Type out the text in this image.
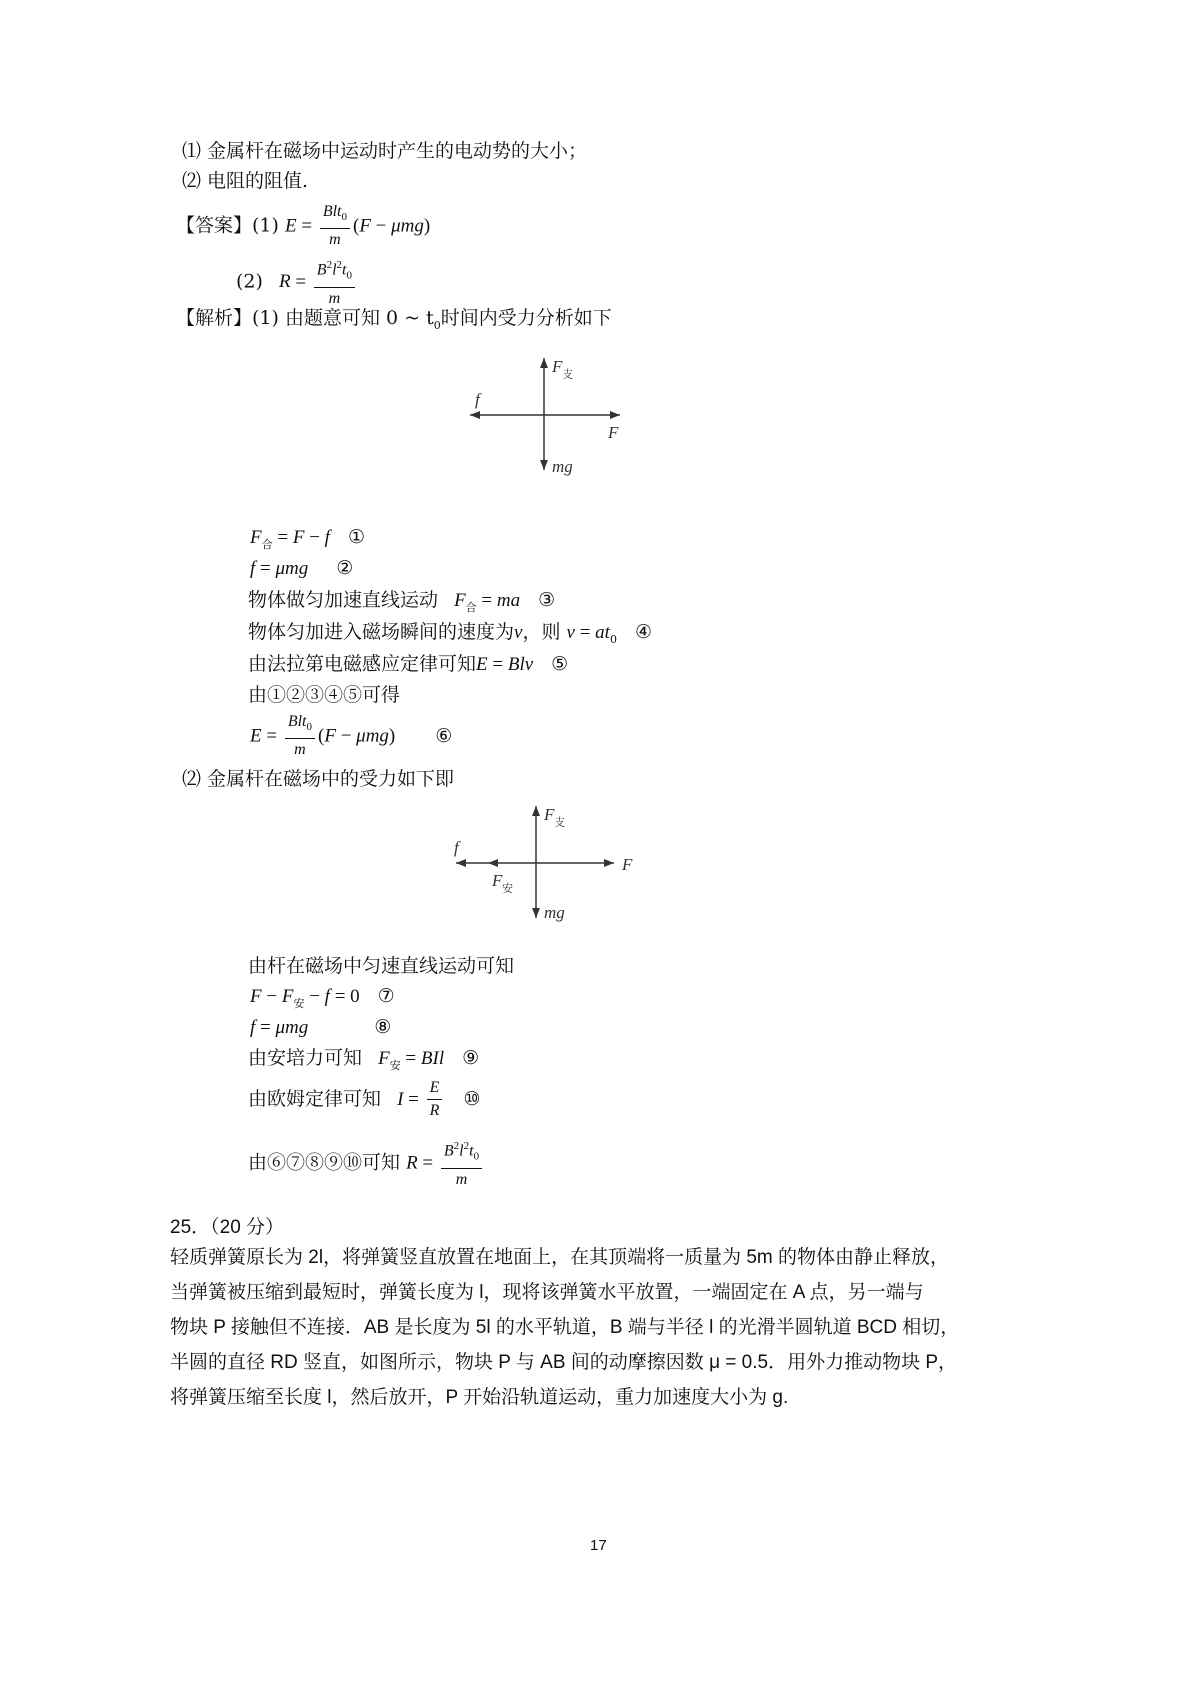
⑴ 金属杆在磁场中运动时产生的电动势的大小；
⑵ 电阻的阻值.
【答案】(1) $E = \frac{Blt_0}{m} (F - \mu mg)$
(2) $R = \frac{B^2l^2t_0}{m}$
【解析】(1) 由题意可知 0 ~ $t_0$时间内受力分析如下
F 支
f
F
mg
$F_合 = F - f$ ①
f = μmg ②
物体做匀加速直线运动 $F_合$ = ma ③
物体匀加进入磁场瞬间的速度为v，则 $v = at_0$ ④
由法拉第电磁感应定律可知E = Blv ⑤
由①②③④⑤可得
$E = \frac{Blt_0}{m} (F - \mu mg)$ ⑥
⑵ 金属杆在磁场中的受力如下即
F 支
f
F 安
F
mg
由杆在磁场中匀速直线运动可知
$F - F_安 - f = 0$ ⑦
f = μmg	⑧
由安培力可知 $F_安$ = BIl ⑨
由欧姆定律可知 $I = \frac{E}{R}$ ⑩
由⑥⑦⑧⑨⑩可知 $R = \frac{B^2l^2t_0}{m}$
25．（20 分）
轻质弹簧原长为 2l，将弹簧竖直放置在地面上，在其顶端将一质量为 5m 的物体由静止释放，
当弹簧被压缩到最短时，弹簧长度为 l，现将该弹簧水平放置，一端固定在 A 点，另一端与
物块 P 接触但不连接．AB 是长度为 5l 的水平轨道，B 端与半径 l 的光滑半圆轨道 BCD 相切，
半圆的直径 RD 竖直，如图所示，物块 P 与 AB 间的动摩擦因数 μ = 0.5．用外力推动物块 P，
将弹簧压缩至长度 l，然后放开，P 开始沿轨道运动，重力加速度大小为 g.
17
